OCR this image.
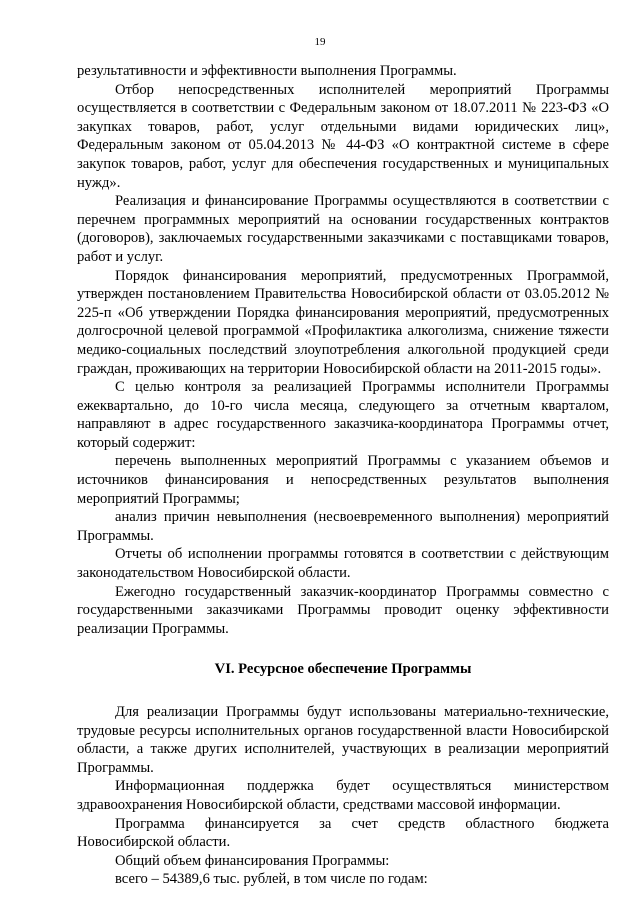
19

результативности и эффективности выполнения Программы.

Отбор непосредственных исполнителей мероприятий Программы осуществляется в соответствии с Федеральным законом от 18.07.2011 № 223-ФЗ «О закупках товаров, работ, услуг отдельными видами юридических лиц», Федеральным законом от 05.04.2013 № 44-ФЗ «О контрактной системе в сфере закупок товаров, работ, услуг для обеспечения государственных и муниципальных нужд».

Реализация и финансирование Программы осуществляются в соответствии с перечнем программных мероприятий на основании государственных контрактов (договоров), заключаемых государственными заказчиками с поставщиками товаров, работ и услуг.

Порядок финансирования мероприятий, предусмотренных Программой, утвержден постановлением Правительства Новосибирской области от 03.05.2012 № 225-п «Об утверждении Порядка финансирования мероприятий, предусмотренных долгосрочной целевой программой «Профилактика алкоголизма, снижение тяжести медико-социальных последствий злоупотребления алкогольной продукцией среди граждан, проживающих на территории Новосибирской области на 2011-2015 годы».

С целью контроля за реализацией Программы исполнители Программы ежеквартально, до 10-го числа месяца, следующего за отчетным кварталом, направляют в адрес государственного заказчика-координатора Программы отчет, который содержит:

перечень выполненных мероприятий Программы с указанием объемов и источников финансирования и непосредственных результатов выполнения мероприятий Программы;

анализ причин невыполнения (несвоевременного выполнения) мероприятий Программы.

Отчеты об исполнении программы готовятся в соответствии с действующим законодательством Новосибирской области.

Ежегодно государственный заказчик-координатор Программы совместно с государственными заказчиками Программы проводит оценку эффективности реализации Программы.

VI. Ресурсное обеспечение Программы

Для реализации Программы будут использованы материально-технические, трудовые ресурсы исполнительных органов государственной власти Новосибирской области, а также других исполнителей, участвующих в реализации мероприятий Программы.

Информационная поддержка будет осуществляться министерством здравоохранения Новосибирской области, средствами массовой информации.

Программа финансируется за счет средств областного бюджета Новосибирской области.

Общий объем финансирования Программы:

всего – 54389,6 тыс. рублей, в том числе по годам:
